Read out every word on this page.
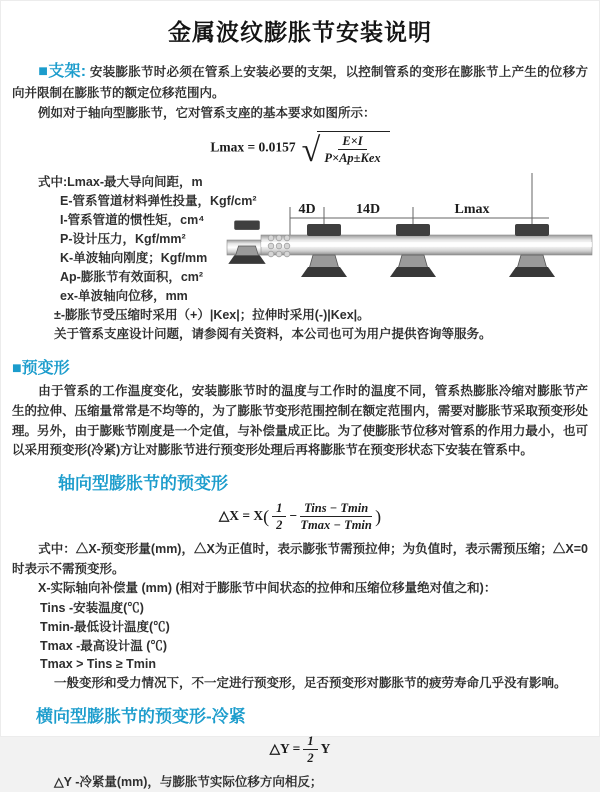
金属波纹膨胀节安装说明

■支架: 安装膨胀节时必须在管系上安装必要的支架，以控制管系的变形在膨胀节上产生的位移方向并限制在膨胀节的额定位移范围内。

例如对于轴向型膨胀节，它对管系支座的基本要求如图所示：

Lmax = 0.0157 √ $\frac{E\times I}{\text{P×Ap±Kex}}$

式中:Lmax-最大导向间距，m

E-管系管道材料弹性投量，Kgf/cm²

I-管系管道的惯性矩，cm⁴

P-设计压力，Kgf/mm²

K-单波轴向刚度；Kgf/mm

Ap-膨胀节有效面积，cm²

ex-单波轴向位移，mm

4D	14D	Lmax

±-膨胀节受压缩时采用（+）|Kex|；拉伸时采用(-)|Kex|。

关于管系支座设计问题，请参阅有关资料，本公司也可为用户提供咨询等服务。

■预变形

由于管系的工作温度变化，安装膨胀节时的温度与工作时的温度不同，管系热膨胀冷缩对膨胀节产生的拉伸、压缩量常常是不均等的，为了膨胀节变形范围控制在额定范围内，需要对膨胀节采取预变形处理。另外，由于膨账节刚度是一个定值，与补偿量成正比。为了使膨胀节位移对管系的作用力最小，也可以采用预变形(冷紧)方让对膨胀节进行预变形处理后再将膨胀节在预变形状态下安装在管系中。

轴向型膨胀节的预变形
△X = $X( \frac{1}{2} - \frac{\text{Tins − Tmin}}{Tmax - Tmin}$ )

式中：△X-预变形量(mm)，△X为正值时，表示膨张节需预拉伸；为负值时，表示需预压缩；△X=0时表示不需预变形。

X-实际轴向补偿量 (mm) (相对于膨胀节中间状态的拉伸和压缩位移量绝对值之和)：

Tins -安装温度(℃)

Tmin-最低设计温度(℃)

Tmax -最高设计温 (℃)

Tmax > Tins ≥ Tmin

一般变形和受力情况下，不一定进行预变形，足否预变形对膨胀节的疲劳寿命几乎没有影响。

横向型膨胀节的预变形-冷紧
△Y = $\frac{1}{2}$ Y

△Y -冷紧量(mm)，与膨胀节实际位移方向相反；
